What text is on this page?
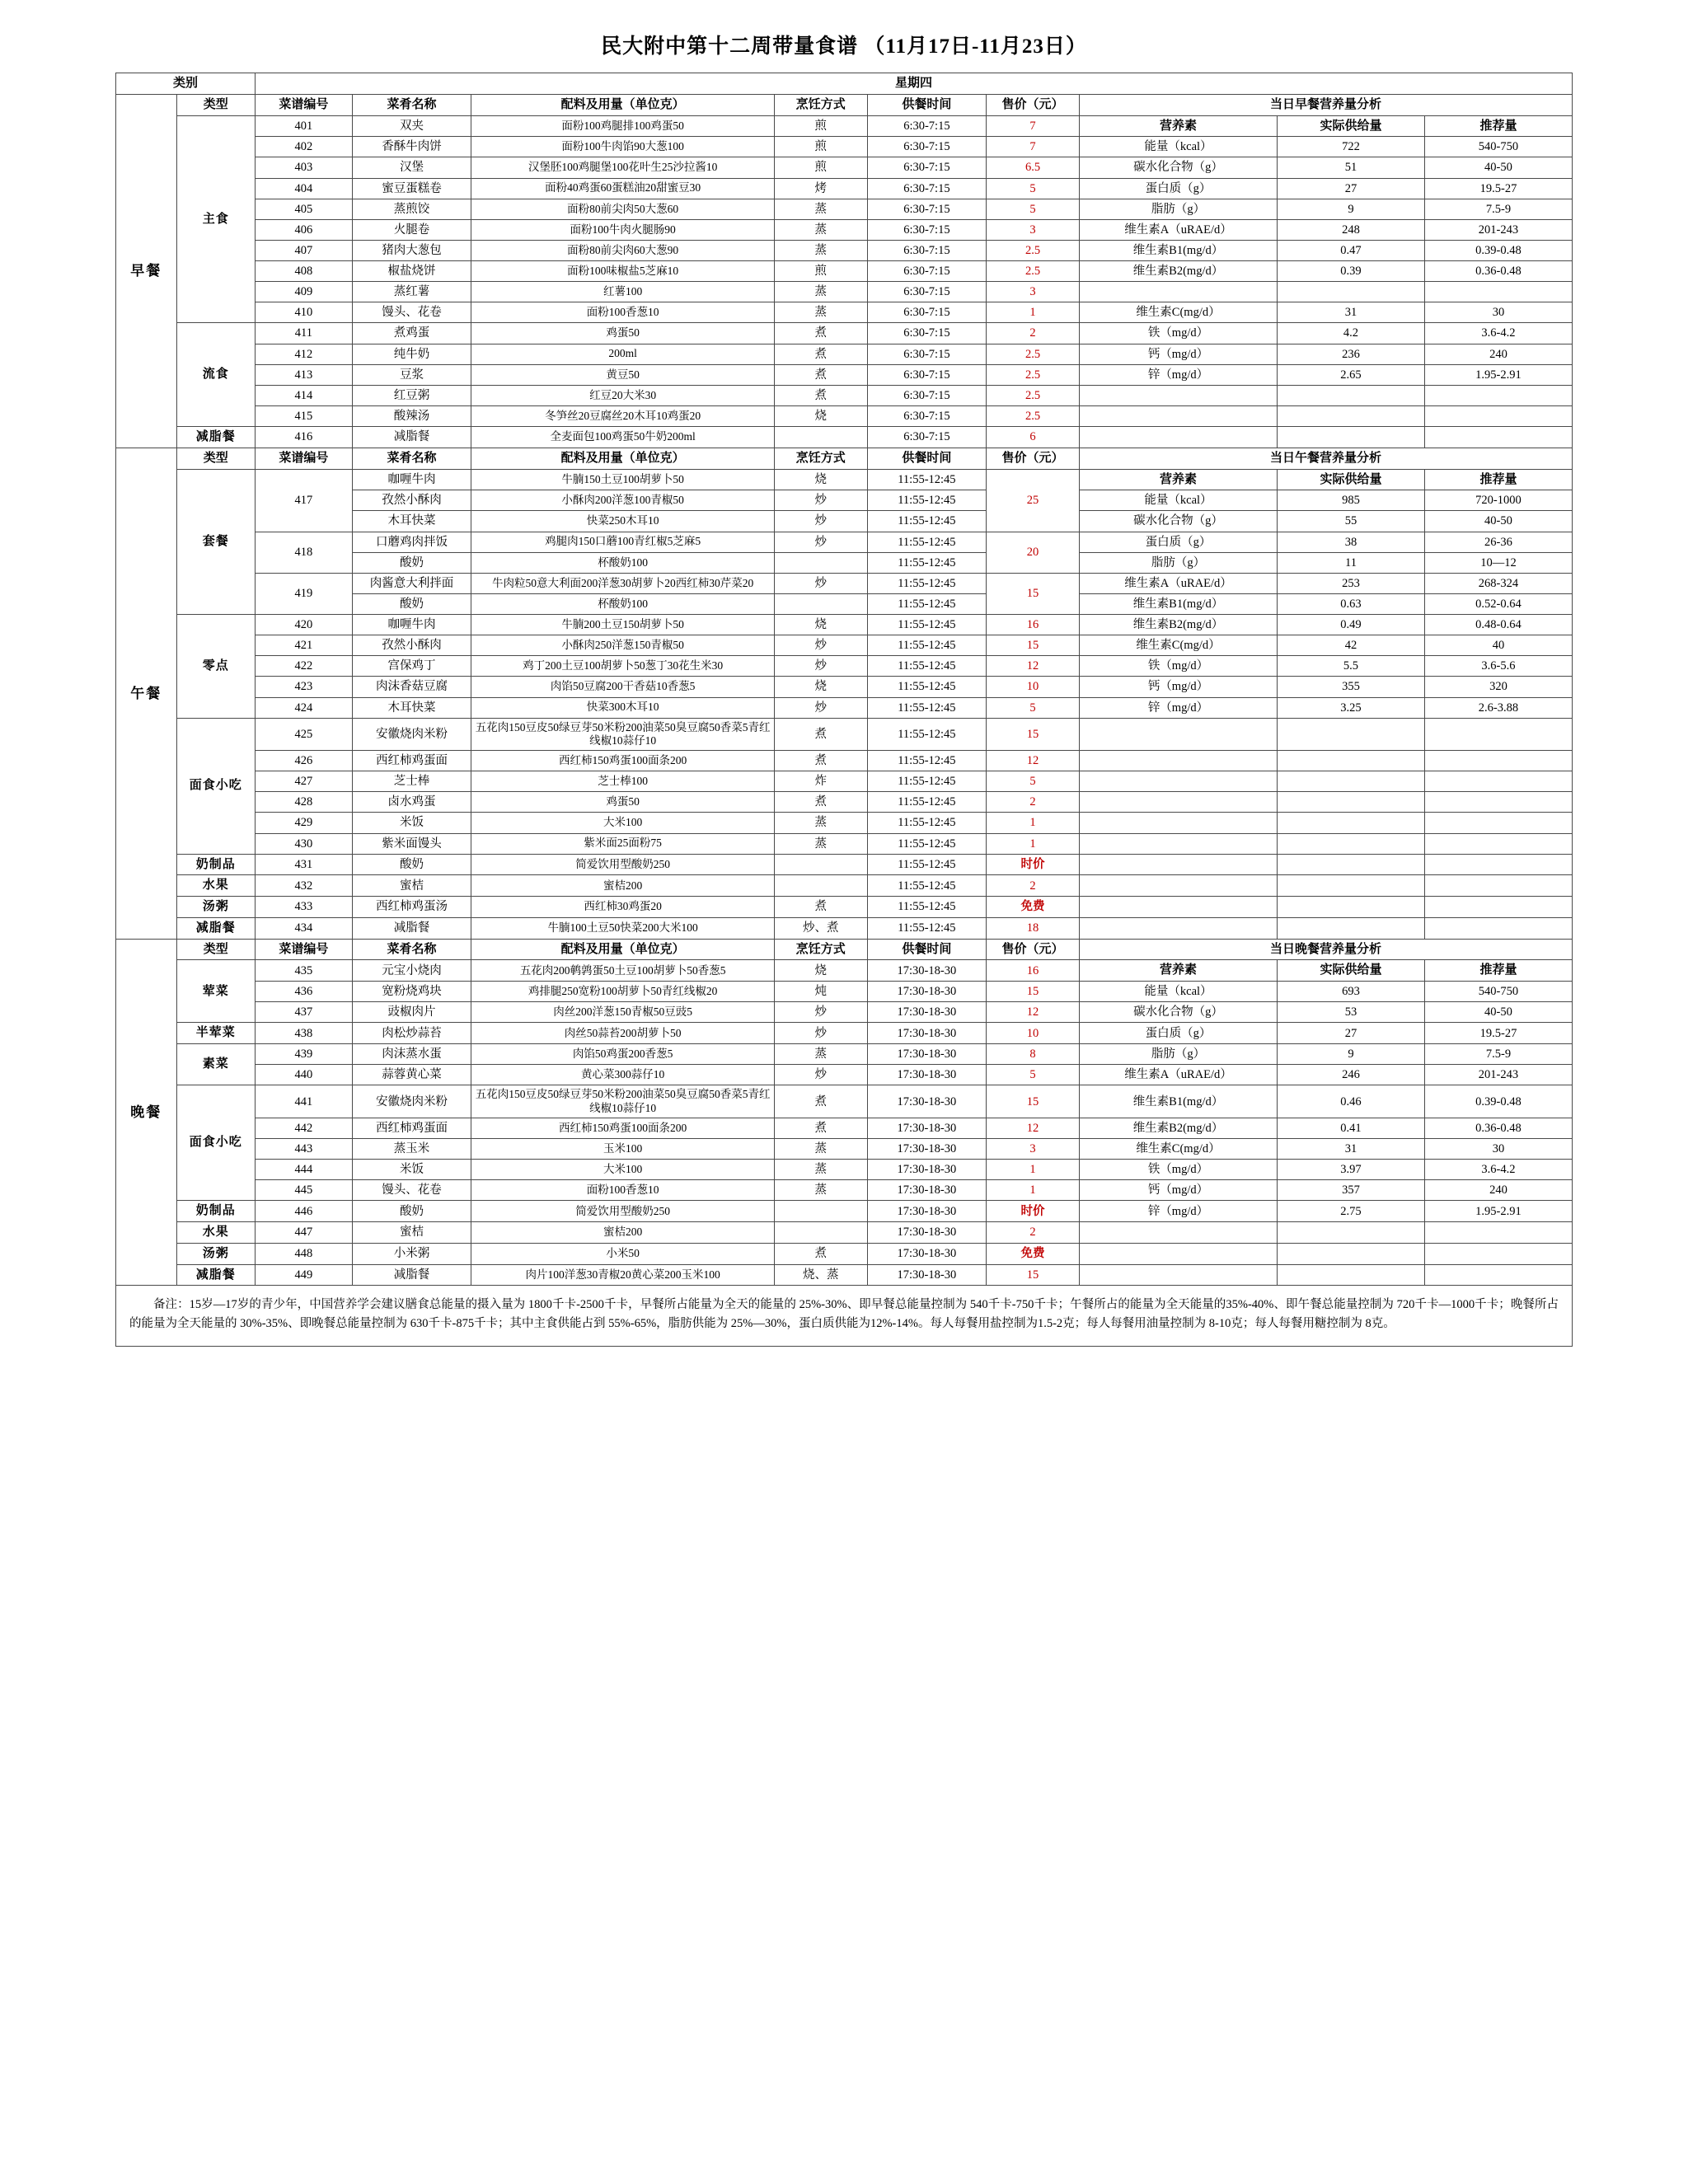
民大附中第十二周带量食谱 （11月17日-11月23日）
类别		星期四								
早餐	类型	菜谱编号	菜肴名称	配料及用量（单位克）	烹饪方式	供餐时间	售价（元）	当日早餐营养量分析		
	主食	401	双夹	面粉100鸡腿排100鸡蛋50	煎	6:30-7:15	7	营养素	实际供给量	推荐量
		402	香酥牛肉饼	面粉100牛肉馅90大葱100	煎	6:30-7:15	7	能量（kcal）	722	540-750
		403	汉堡	汉堡胚100鸡腿堡100花叶生25沙拉酱10	煎	6:30-7:15	6.5	碳水化合物（g）	51	40-50
		404	蜜豆蛋糕卷	面粉40鸡蛋60蛋糕油20甜蜜豆30	烤	6:30-7:15	5	蛋白质（g）	27	19.5-27
		405	蒸煎饺	面粉80前尖肉50大葱60	蒸	6:30-7:15	5	脂肪（g）	9	7.5-9
		406	火腿卷	面粉100牛肉火腿肠90	蒸	6:30-7:15	3	维生素A（uRAE/d）	248	201-243
		407	猪肉大葱包	面粉80前尖肉60大葱90	蒸	6:30-7:15	2.5	维生素B1(mg/d）	0.47	0.39-0.48
		408	椒盐烧饼	面粉100味椒盐5芝麻10	煎	6:30-7:15	2.5	维生素B2(mg/d）	0.39	0.36-0.48
		409	蒸红薯	红薯100	蒸	6:30-7:15	3			
		410	馒头、花卷	面粉100香葱10	蒸	6:30-7:15	1	维生素C(mg/d）	31	30
	流食	411	煮鸡蛋	鸡蛋50	煮	6:30-7:15	2	铁（mg/d）	4.2	3.6-4.2
		412	纯牛奶	200ml	煮	6:30-7:15	2.5	钙（mg/d）	236	240
		413	豆浆	黄豆50	煮	6:30-7:15	2.5	锌（mg/d）	2.65	1.95-2.91
		414	红豆粥	红豆20大米30	煮	6:30-7:15	2.5			
		415	酸辣汤	冬笋丝20豆腐丝20木耳10鸡蛋20	烧	6:30-7:15	2.5			
	减脂餐	416	减脂餐	全麦面包100鸡蛋50牛奶200ml		6:30-7:15	6			
午餐	类型	菜谱编号	菜肴名称	配料及用量（单位克）	烹饪方式	供餐时间	售价（元）	当日午餐营养量分析		
	套餐	417	咖喱牛肉	牛腩150土豆100胡萝卜50	烧	11:55-12:45	25	营养素	实际供给量	推荐量
			孜然小酥肉	小酥肉200洋葱100青椒50	炒	11:55-12:45		能量（kcal）	985	720-1000
			木耳快菜	快菜250木耳10	炒	11:55-12:45		碳水化合物（g）	55	40-50
		418	口蘑鸡肉拌饭	鸡腿肉150口蘑100青红椒5芝麻5	炒	11:55-12:45	20	蛋白质（g）	38	26-36
			酸奶	杯酸奶100		11:55-12:45		脂肪（g）	11	10—12
		419	肉酱意大利拌面	牛肉粒50意大利面200洋葱30胡萝卜20西红柿30芹菜20	炒	11:55-12:45	15	维生素A（uRAE/d）	253	268-324
			酸奶	杯酸奶100		11:55-12:45		维生素B1(mg/d）	0.63	0.52-0.64
	零点	420	咖喱牛肉	牛腩200土豆150胡萝卜50	烧	11:55-12:45	16	维生素B2(mg/d）	0.49	0.48-0.64
		421	孜然小酥肉	小酥肉250洋葱150青椒50	炒	11:55-12:45	15	维生素C(mg/d）	42	40
		422	宫保鸡丁	鸡丁200土豆100胡萝卜50葱丁30花生米30	炒	11:55-12:45	12	铁（mg/d）	5.5	3.6-5.6
		423	肉沫香菇豆腐	肉馅50豆腐200干香菇10香葱5	烧	11:55-12:45	10	钙（mg/d）	355	320
		424	木耳快菜	快菜300木耳10	炒	11:55-12:45	5	锌（mg/d）	3.25	2.6-3.88
	面食小吃	425	安徽烧肉米粉	五花肉150豆皮50绿豆芽50米粉200油菜50臭豆腐50香菜5青红线椒10蒜仔10	煮	11:55-12:45	15			
		426	西红柿鸡蛋面	西红柿150鸡蛋100面条200	煮	11:55-12:45	12			
		427	芝士棒	芝士棒100	炸	11:55-12:45	5			
		428	卤水鸡蛋	鸡蛋50	煮	11:55-12:45	2			
		429	米饭	大米100	蒸	11:55-12:45	1			
		430	紫米面馒头	紫米面25面粉75	蒸	11:55-12:45	1			
	奶制品	431	酸奶	简爱饮用型酸奶250		11:55-12:45	时价			
	水果	432	蜜桔	蜜桔200		11:55-12:45	2			
	汤粥	433	西红柿鸡蛋汤	西红柿30鸡蛋20	煮	11:55-12:45	免费			
	减脂餐	434	减脂餐	牛腩100土豆50快菜200大米100	炒、煮	11:55-12:45	18			
晚餐	类型	菜谱编号	菜肴名称	配料及用量（单位克）	烹饪方式	供餐时间	售价（元）	当日晚餐营养量分析		
	荤菜	435	元宝小烧肉	五花肉200鹌鹑蛋50土豆100胡萝卜50香葱5	烧	17:30-18-30	16	营养素	实际供给量	推荐量
		436	宽粉烧鸡块	鸡排腿250宽粉100胡萝卜50青红线椒20	炖	17:30-18-30	15	能量（kcal）	693	540-750
		437	豉椒肉片	肉丝200洋葱150青椒50豆豉5	炒	17:30-18-30	12	碳水化合物（g）	53	40-50
	半荤菜	438	肉松炒蒜苔	肉丝50蒜苔200胡萝卜50	炒	17:30-18-30	10	蛋白质（g）	27	19.5-27
	素菜	439	肉沫蒸水蛋	肉馅50鸡蛋200香葱5	蒸	17:30-18-30	8	脂肪（g）	9	7.5-9
		440	蒜蓉黄心菜	黄心菜300蒜仔10	炒	17:30-18-30	5	维生素A（uRAE/d）	246	201-243
	面食小吃	441	安徽烧肉米粉	五花肉150豆皮50绿豆芽50米粉200油菜50臭豆腐50香菜5青红线椒10蒜仔10	煮	17:30-18-30	15	维生素B1(mg/d）	0.46	0.39-0.48
		442	西红柿鸡蛋面	西红柿150鸡蛋100面条200	煮	17:30-18-30	12	维生素B2(mg/d）	0.41	0.36-0.48
		443	蒸玉米	玉米100	蒸	17:30-18-30	3	维生素C(mg/d）	31	30
		444	米饭	大米100	蒸	17:30-18-30	1	铁（mg/d）	3.97	3.6-4.2
		445	馒头、花卷	面粉100香葱10	蒸	17:30-18-30	1	钙（mg/d）	357	240
	奶制品	446	酸奶	简爱饮用型酸奶250		17:30-18-30	时价	锌（mg/d）	2.75	1.95-2.91
	水果	447	蜜桔	蜜桔200		17:30-18-30	2			
	汤粥	448	小米粥	小米50	煮	17:30-18-30	免费			
	减脂餐	449	减脂餐	肉片100洋葱30青椒20黄心菜200玉米100	烧、蒸	17:30-18-30	15			
备注：15岁—17岁的青少年，中国营养学会建议膳食总能量的摄入量为 1800千卡-2500千卡，早餐所占能量为全天的能量的 25%-30%、即早餐总能量控制为 540千卡-750千卡；午餐所占的能量为全天能量的35%-40%、即午餐总能量控制为 720千卡—1000千卡；晚餐所占的能量为全天能量的 30%-35%、即晚餐总能量控制为 630千卡-875千卡；其中主食供能占到 55%-65%，脂肪供能为 25%—30%，蛋白质供能为12%-14%。每人每餐用盐控制为1.5-2克；每人每餐用油量控制为 8-10克；每人每餐用糖控制为 8克。
